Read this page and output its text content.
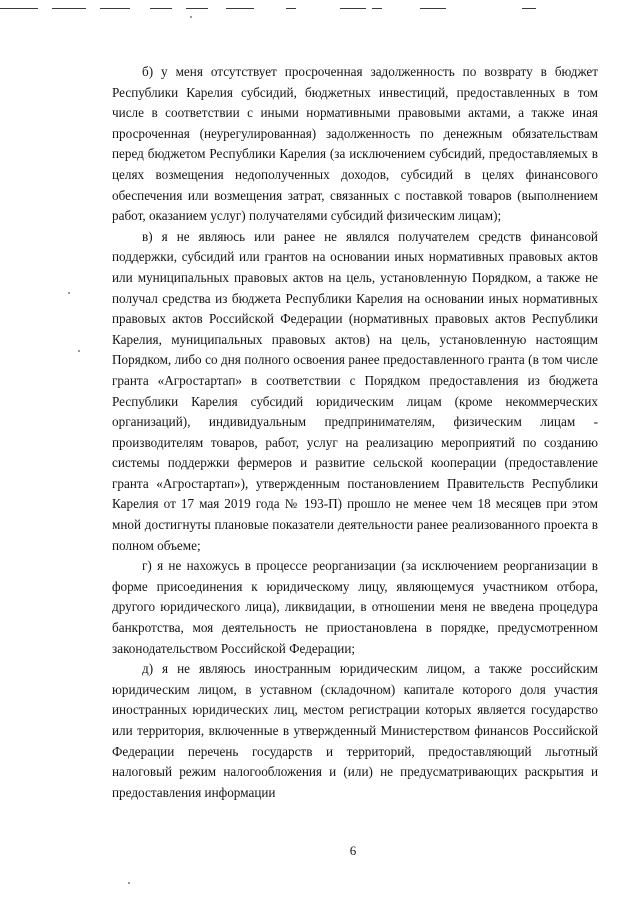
б) у меня отсутствует просроченная задолженность по возврату в бюджет Республики Карелия субсидий, бюджетных инвестиций, предоставленных в том числе в соответствии с иными нормативными правовыми актами, а также иная просроченная (неурегулированная) задолженность по денежным обязательствам перед бюджетом Республики Карелия (за исключением субсидий, предоставляемых в целях возмещения недополученных доходов, субсидий в целях финансового обеспечения или возмещения затрат, связанных с поставкой товаров (выполнением работ, оказанием услуг) получателями субсидий физическим лицам);

в) я не являюсь или ранее не являлся получателем средств финансовой поддержки, субсидий или грантов на основании иных нормативных правовых актов или муниципальных правовых актов на цель, установленную Порядком, а также не получал средства из бюджета Республики Карелия на основании иных нормативных правовых актов Российской Федерации (нормативных правовых актов Республики Карелия, муниципальных правовых актов) на цель, установленную настоящим Порядком, либо со дня полного освоения ранее предоставленного гранта (в том числе гранта «Агростартап» в соответствии с Порядком предоставления из бюджета Республики Карелия субсидий юридическим лицам (кроме некоммерческих организаций), индивидуальным предпринимателям, физическим лицам - производителям товаров, работ, услуг на реализацию мероприятий по созданию системы поддержки фермеров и развитие сельской кооперации (предоставление гранта «Агростартап»), утвержденным постановлением Правительств Республики Карелия от 17 мая 2019 года № 193-П) прошло не менее чем 18 месяцев при этом мной достигнуты плановые показатели деятельности ранее реализованного проекта в полном объеме;

г) я не нахожусь в процессе реорганизации (за исключением реорганизации в форме присоединения к юридическому лицу, являющемуся участником отбора, другого юридического лица), ликвидации, в отношении меня не введена процедура банкротства, моя деятельность не приостановлена в порядке, предусмотренном законодательством Российской Федерации;

д) я не являюсь иностранным юридическим лицом, а также российским юридическим лицом, в уставном (складочном) капитале которого доля участия иностранных юридических лиц, местом регистрации которых является государство или территория, включенные в утвержденный Министерством финансов Российской Федерации перечень государств и территорий, предоставляющий льготный налоговый режим налогообложения и (или) не предусматривающих раскрытия и предоставления информации

6
